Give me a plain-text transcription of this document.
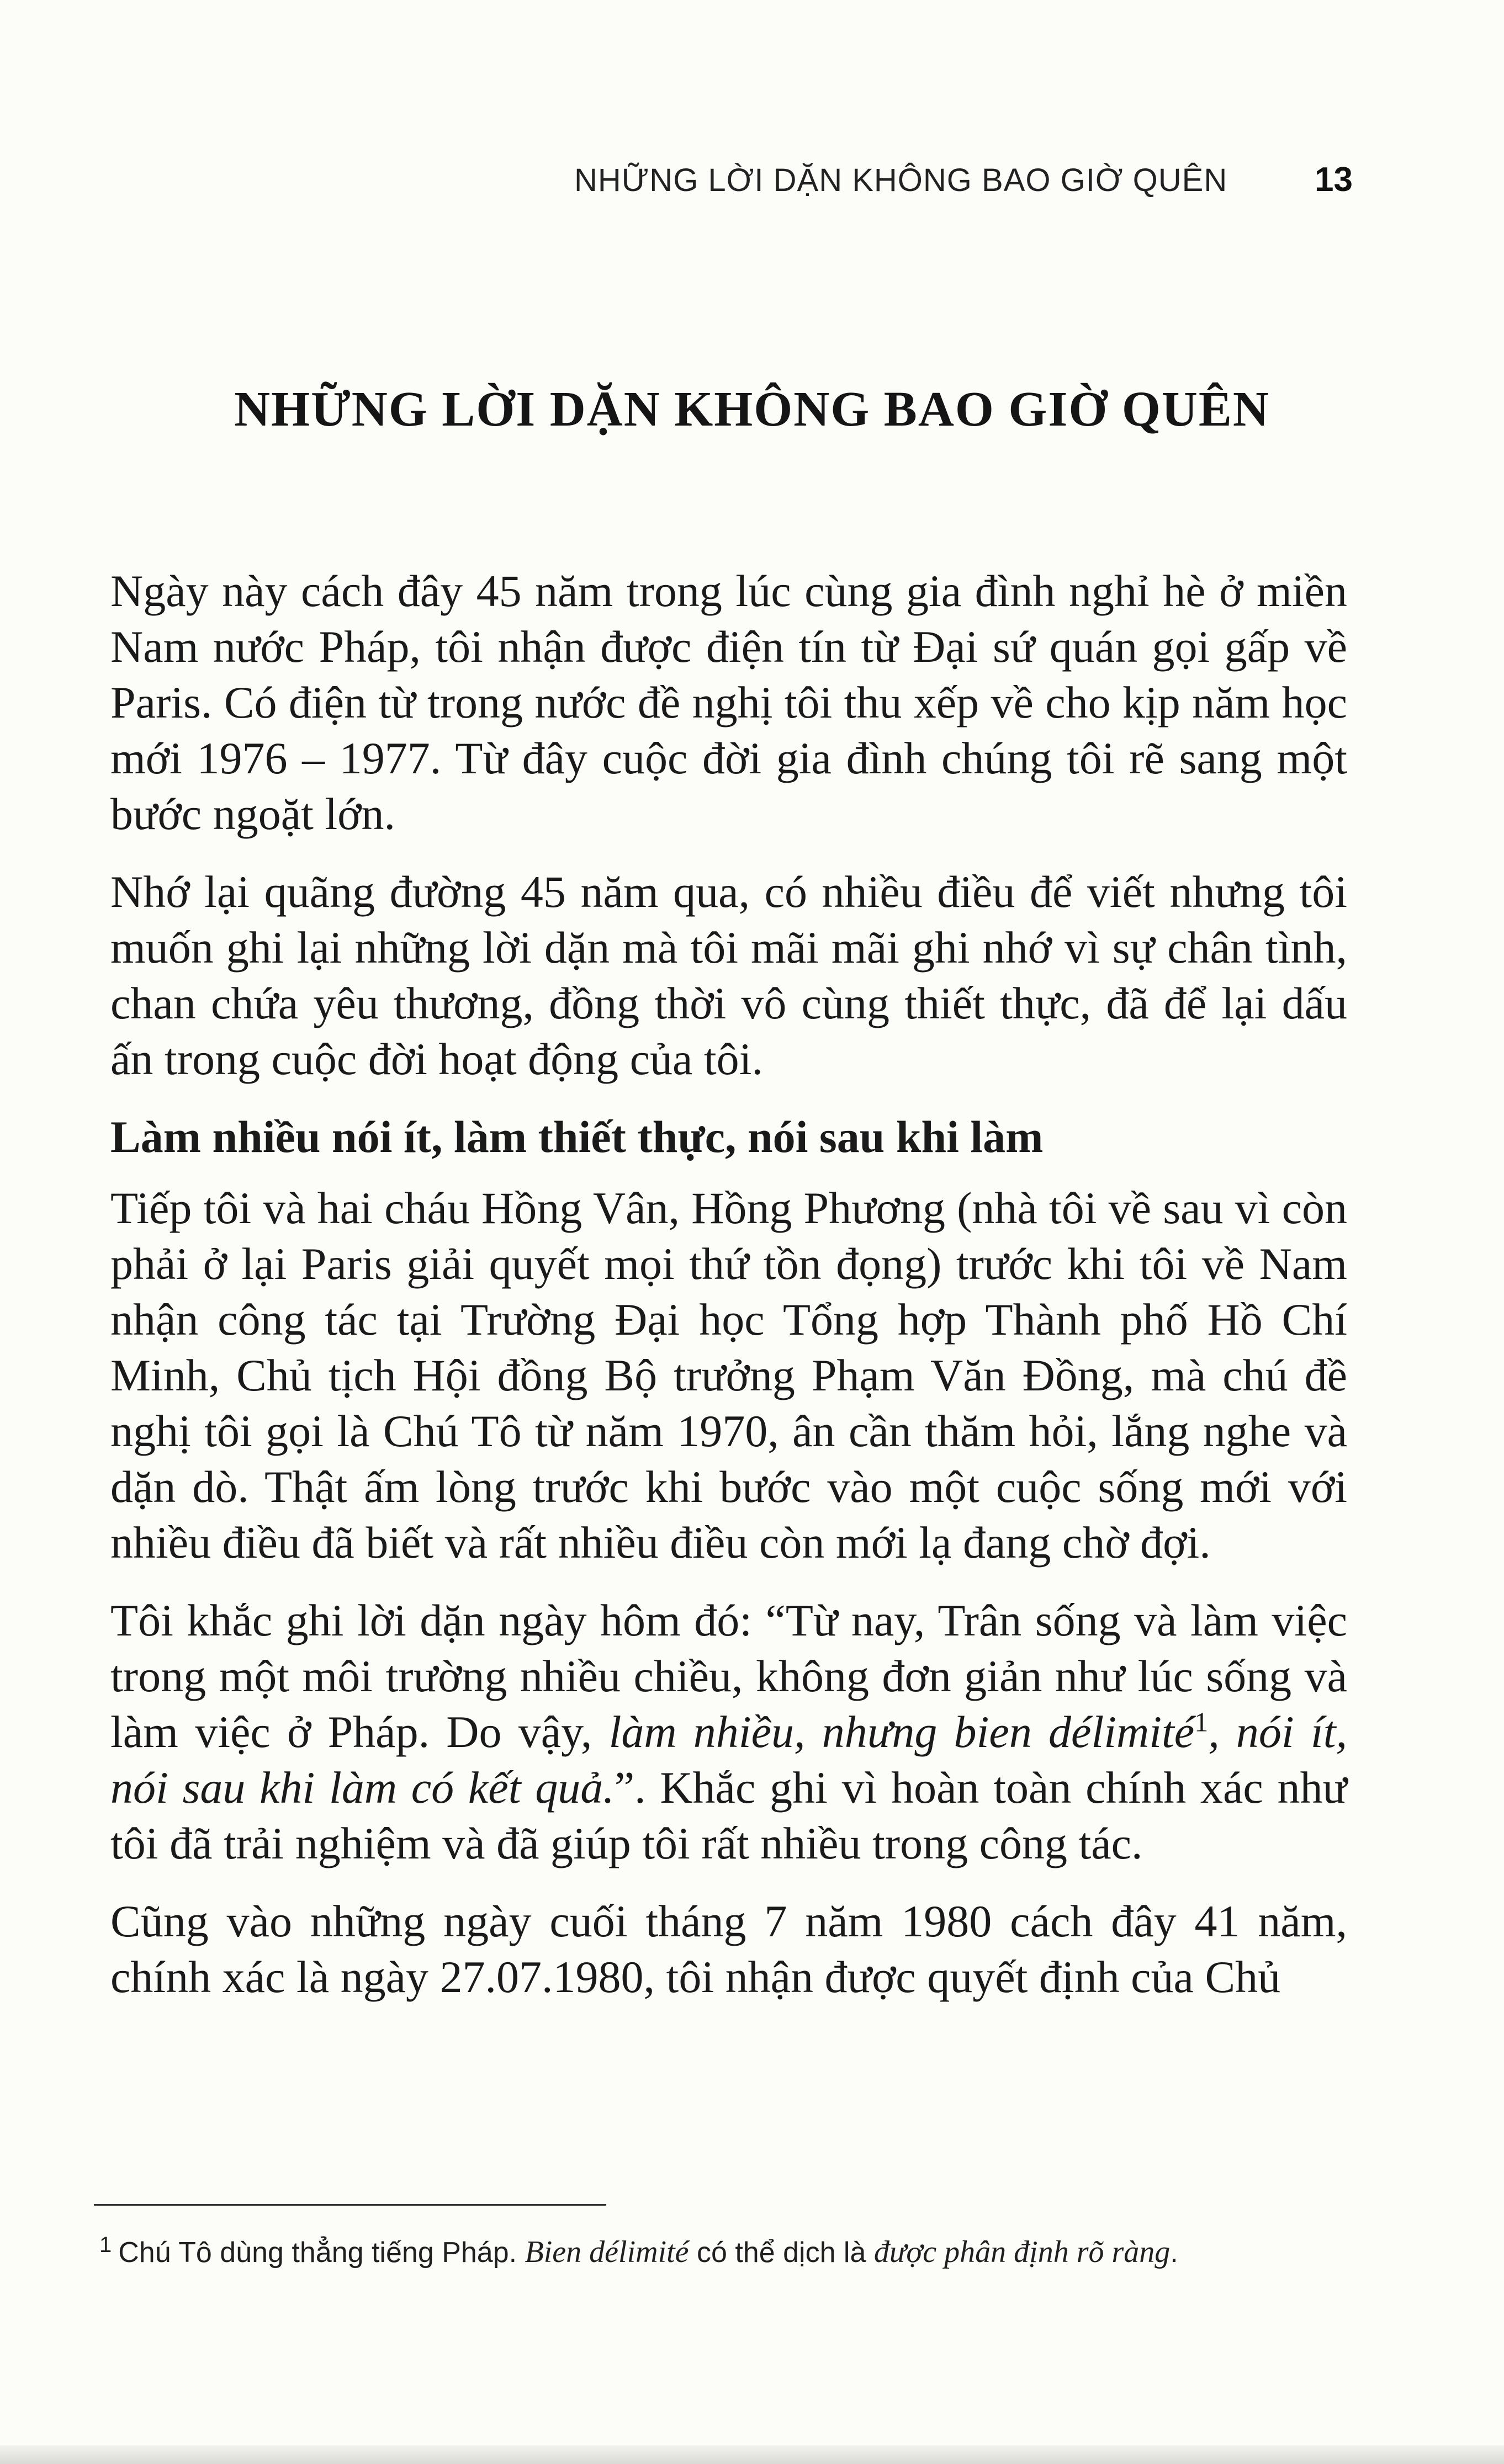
NHỮNG LỜI DẶN KHÔNG BAO GIỜ QUÊN	13
NHỮNG LỜI DẶN KHÔNG BAO GIỜ QUÊN

Ngày này cách đây 45 năm trong lúc cùng gia đình nghỉ hè ở miền Nam nước Pháp, tôi nhận được điện tín từ Đại sứ quán gọi gấp về Paris. Có điện từ trong nước đề nghị tôi thu xếp về cho kịp năm học mới 1976 – 1977. Từ đây cuộc đời gia đình chúng tôi rẽ sang một bước ngoặt lớn.

Nhớ lại quãng đường 45 năm qua, có nhiều điều để viết nhưng tôi muốn ghi lại những lời dặn mà tôi mãi mãi ghi nhớ vì sự chân tình, chan chứa yêu thương, đồng thời vô cùng thiết thực, đã để lại dấu ấn trong cuộc đời hoạt động của tôi.

Làm nhiều nói ít, làm thiết thực, nói sau khi làm

Tiếp tôi và hai cháu Hồng Vân, Hồng Phương (nhà tôi về sau vì còn phải ở lại Paris giải quyết mọi thứ tồn đọng) trước khi tôi về Nam nhận công tác tại Trường Đại học Tổng hợp Thành phố Hồ Chí Minh, Chủ tịch Hội đồng Bộ trưởng Phạm Văn Đồng, mà chú đề nghị tôi gọi là Chú Tô từ năm 1970, ân cần thăm hỏi, lắng nghe và dặn dò. Thật ấm lòng trước khi bước vào một cuộc sống mới với nhiều điều đã biết và rất nhiều điều còn mới lạ đang chờ đợi.

Tôi khắc ghi lời dặn ngày hôm đó: “Từ nay, Trân sống và làm việc trong một môi trường nhiều chiều, không đơn giản như lúc sống và làm việc ở Pháp. Do vậy, làm nhiều, nhưng bien délimité$^1$, nói ít, nói sau khi làm có kết quả.”. Khắc ghi vì hoàn toàn chính xác như tôi đã trải nghiệm và đã giúp tôi rất nhiều trong công tác.

Cũng vào những ngày cuối tháng 7 năm 1980 cách đây 41 năm, chính xác là ngày 27.07.1980, tôi nhận được quyết định của Chủ

$^1$ Chú Tô dùng thẳng tiếng Pháp. Bien délimité có thể dịch là được phân định rõ ràng.
